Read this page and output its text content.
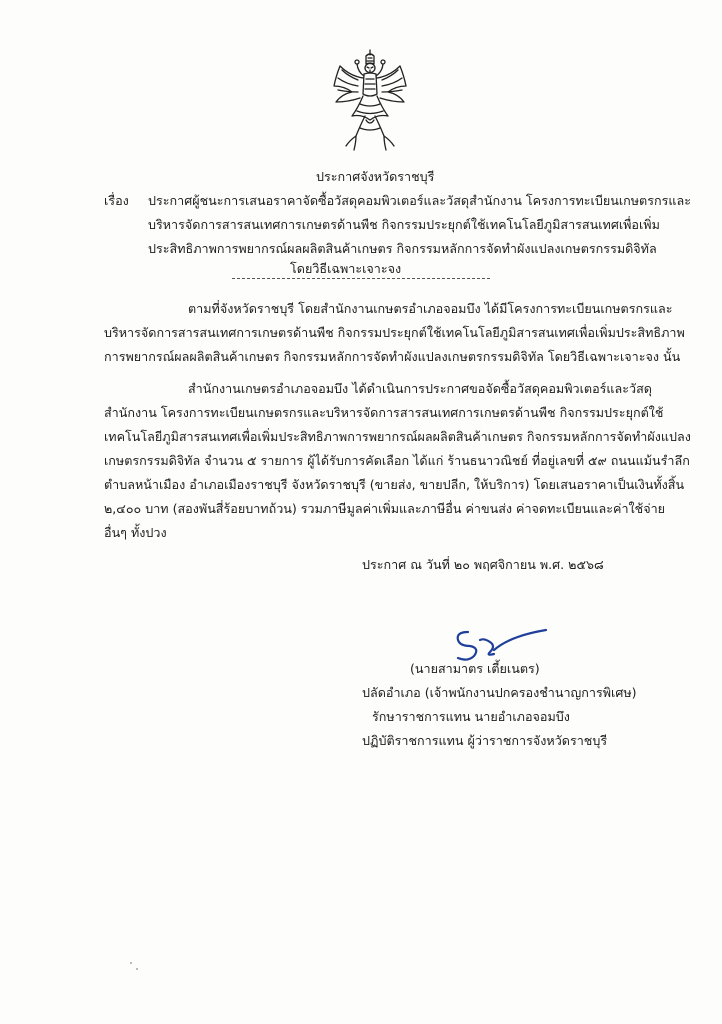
ประกาศจังหวัดราชบุรี
เรื่อง ประกาศผู้ชนะการเสนอราคาจัดซื้อวัสดุคอมพิวเตอร์และวัสดุสำนักงาน โครงการทะเบียนเกษตรกรและ
บริหารจัดการสารสนเทศการเกษตรด้านพืช กิจกรรมประยุกต์ใช้เทคโนโลยีภูมิสารสนเทศเพื่อเพิ่ม
ประสิทธิภาพการพยากรณ์ผลผลิตสินค้าเกษตร กิจกรรมหลักการจัดทำผังแปลงเกษตรกรรมดิจิทัล
โดยวิธีเฉพาะเจาะจง
ตามที่จังหวัดราชบุรี โดยสำนักงานเกษตรอำเภอจอมบึง ได้มีโครงการทะเบียนเกษตรกรและ
บริหารจัดการสารสนเทศการเกษตรด้านพืช กิจกรรมประยุกต์ใช้เทคโนโลยีภูมิสารสนเทศเพื่อเพิ่มประสิทธิภาพ
การพยากรณ์ผลผลิตสินค้าเกษตร กิจกรรมหลักการจัดทำผังแปลงเกษตรกรรมดิจิทัล โดยวิธีเฉพาะเจาะจง นั้น
สำนักงานเกษตรอำเภอจอมบึง ได้ดำเนินการประกาศขอจัดซื้อวัสดุคอมพิวเตอร์และวัสดุ
สำนักงาน โครงการทะเบียนเกษตรกรและบริหารจัดการสารสนเทศการเกษตรด้านพืช กิจกรรมประยุกต์ใช้
เทคโนโลยีภูมิสารสนเทศเพื่อเพิ่มประสิทธิภาพการพยากรณ์ผลผลิตสินค้าเกษตร กิจกรรมหลักการจัดทำผังแปลง
เกษตรกรรมดิจิทัล จำนวน ๕ รายการ ผู้ได้รับการคัดเลือก ได้แก่ ร้านธนาวณิชย์ ที่อยู่เลขที่ ๕๙ ถนนแม้นรำลึก
ตำบลหน้าเมือง อำเภอเมืองราชบุรี จังหวัดราชบุรี (ขายส่ง, ขายปลีก, ให้บริการ) โดยเสนอราคาเป็นเงินทั้งสิ้น
๒,๔๐๐ บาท (สองพันสี่ร้อยบาทถ้วน) รวมภาษีมูลค่าเพิ่มและภาษีอื่น ค่าขนส่ง ค่าจดทะเบียนและค่าใช้จ่าย
อื่นๆ ทั้งปวง
ประกาศ ณ วันที่ ๒๐ พฤศจิกายน พ.ศ. ๒๕๖๘
(นายสามาตร เตี้ยเนตร)
ปลัดอำเภอ (เจ้าพนักงานปกครองชำนาญการพิเศษ)
รักษาราชการแทน นายอำเภอจอมบึง
ปฏิบัติราชการแทน ผู้ว่าราชการจังหวัดราชบุรี
